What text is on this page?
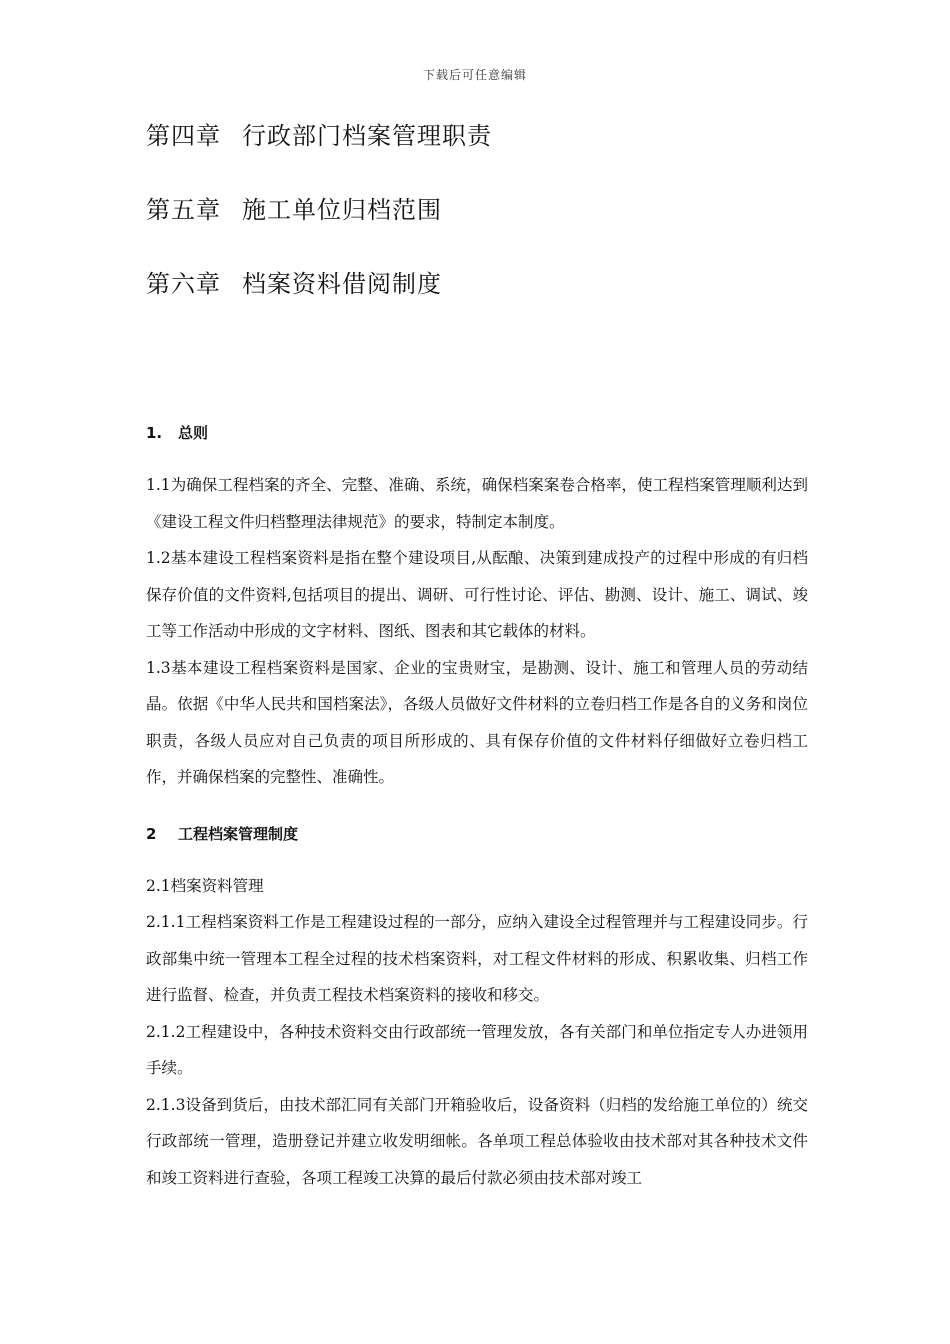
下载后可任意编辑
第四章 行政部门档案管理职责
第五章 施工单位归档范围
第六章 档案资料借阅制度
1. 总则

1.1为确保工程档案的齐全、完整、准确、系统，确保档案案卷合格率，使工程档案管理顺利达到《建设工程文件归档整理法律规范》的要求，特制定本制度。

1.2基本建设工程档案资料是指在整个建设项目,从酝酿、决策到建成投产的过程中形成的有归档保存价值的文件资料,包括项目的提出、调研、可行性讨论、评估、勘测、设计、施工、调试、竣工等工作活动中形成的文字材料、图纸、图表和其它载体的材料。

1.3基本建设工程档案资料是国家、企业的宝贵财宝，是勘测、设计、施工和管理人员的劳动结晶。依据《中华人民共和国档案法》，各级人员做好文件材料的立卷归档工作是各自的义务和岗位职责，各级人员应对自己负责的项目所形成的、具有保存价值的文件材料仔细做好立卷归档工作，并确保档案的完整性、准确性。

2 工程档案管理制度

2.1档案资料管理

2.1.1工程档案资料工作是工程建设过程的一部分，应纳入建设全过程管理并与工程建设同步。行政部集中统一管理本工程全过程的技术档案资料，对工程文件材料的形成、积累收集、归档工作进行监督、检查，并负责工程技术档案资料的接收和移交。

2.1.2工程建设中，各种技术资料交由行政部统一管理发放，各有关部门和单位指定专人办进领用手续。

2.1.3设备到货后，由技术部汇同有关部门开箱验收后，设备资料（归档的发给施工单位的）统交行政部统一管理，造册登记并建立收发明细帐。各单项工程总体验收由技术部对其各种技术文件和竣工资料进行查验，各项工程竣工决算的最后付款必须由技术部对竣工
